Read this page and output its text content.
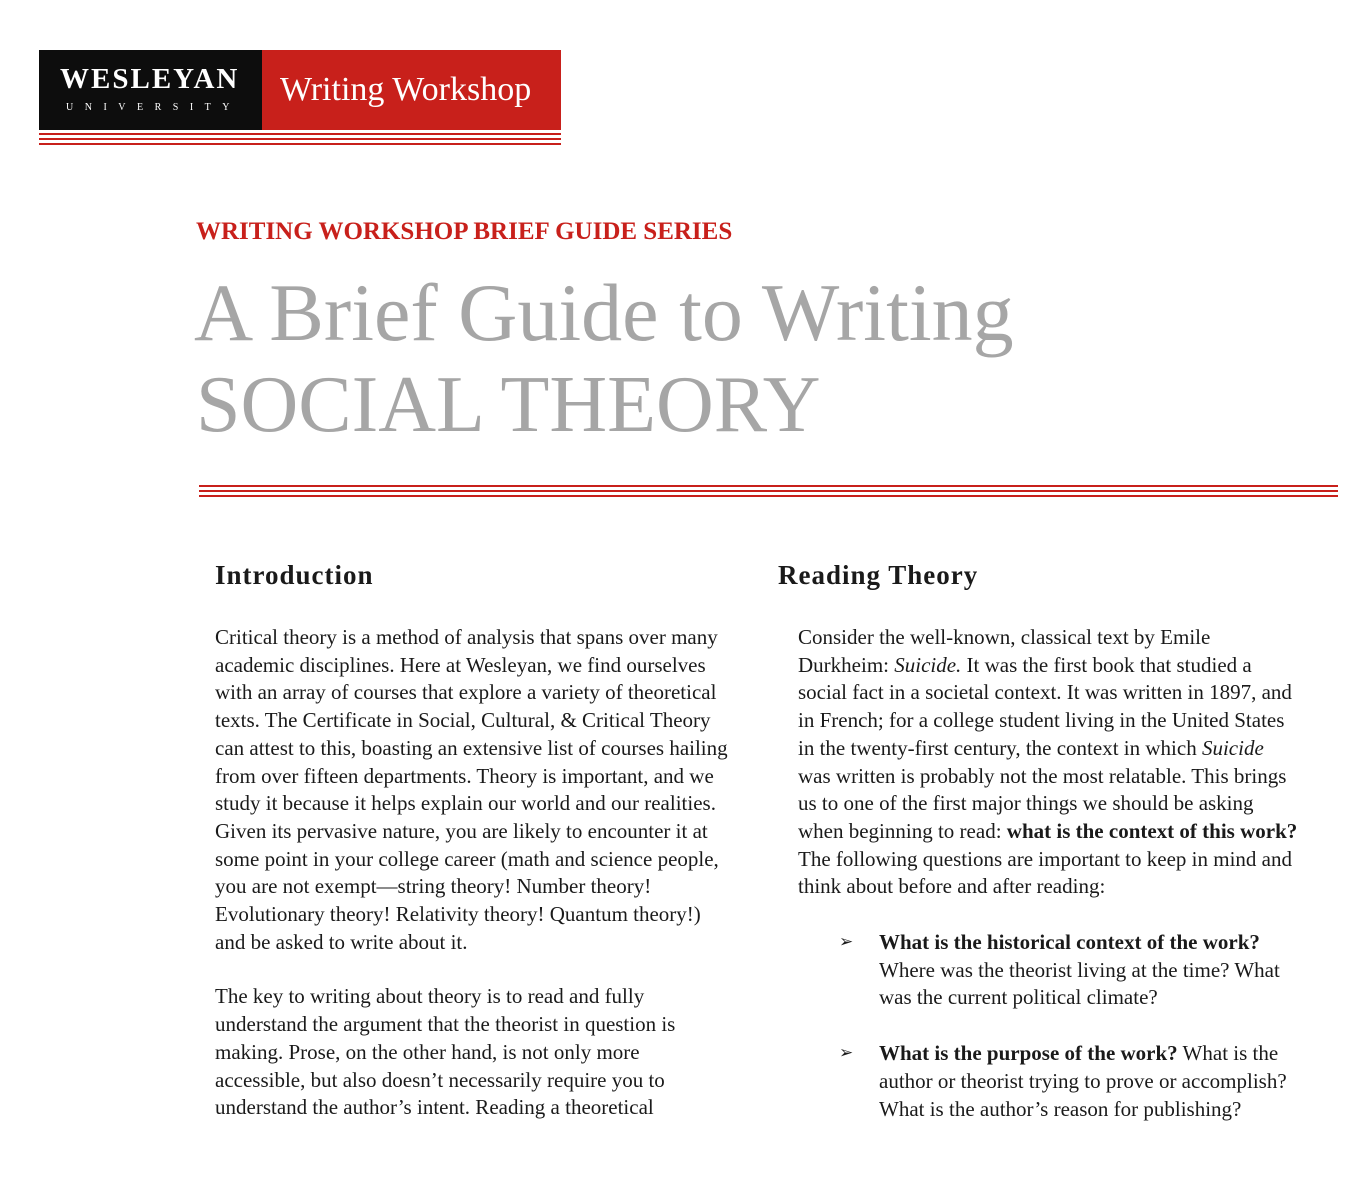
WESLEYAN
UNIVERSITY	Writing Workshop
WRITING WORKSHOP BRIEF GUIDE SERIES
A Brief Guide to Writing
SOCIAL THEORY
Introduction

Critical theory is a method of analysis that spans over many academic disciplines. Here at Wesleyan, we find ourselves with an array of courses that explore a variety of theoretical texts. The Certificate in Social, Cultural, & Critical Theory can attest to this, boasting an extensive list of courses hailing from over fifteen departments. Theory is important, and we study it because it helps explain our world and our realities. Given its pervasive nature, you are likely to encounter it at some point in your college career (math and science people, you are not exempt—string theory! Number theory! Evolutionary theory! Relativity theory! Quantum theory!) and be asked to write about it.

The key to writing about theory is to read and fully understand the argument that the theorist in question is making. Prose, on the other hand, is not only more accessible, but also doesn’t necessarily require you to understand the author’s intent. Reading a theoretical

Reading Theory

Consider the well-known, classical text by Emile Durkheim: Suicide. It was the first book that studied a social fact in a societal context. It was written in 1897, and in French; for a college student living in the United States in the twenty-first century, the context in which Suicide was written is probably not the most relatable. This brings us to one of the first major things we should be asking when beginning to read: what is the context of this work? The following questions are important to keep in mind and think about before and after reading:

➢ What is the historical context of the work? Where was the theorist living at the time? What was the current political climate?
➢ What is the purpose of the work? What is the author or theorist trying to prove or accomplish? What is the author’s reason for publishing?
